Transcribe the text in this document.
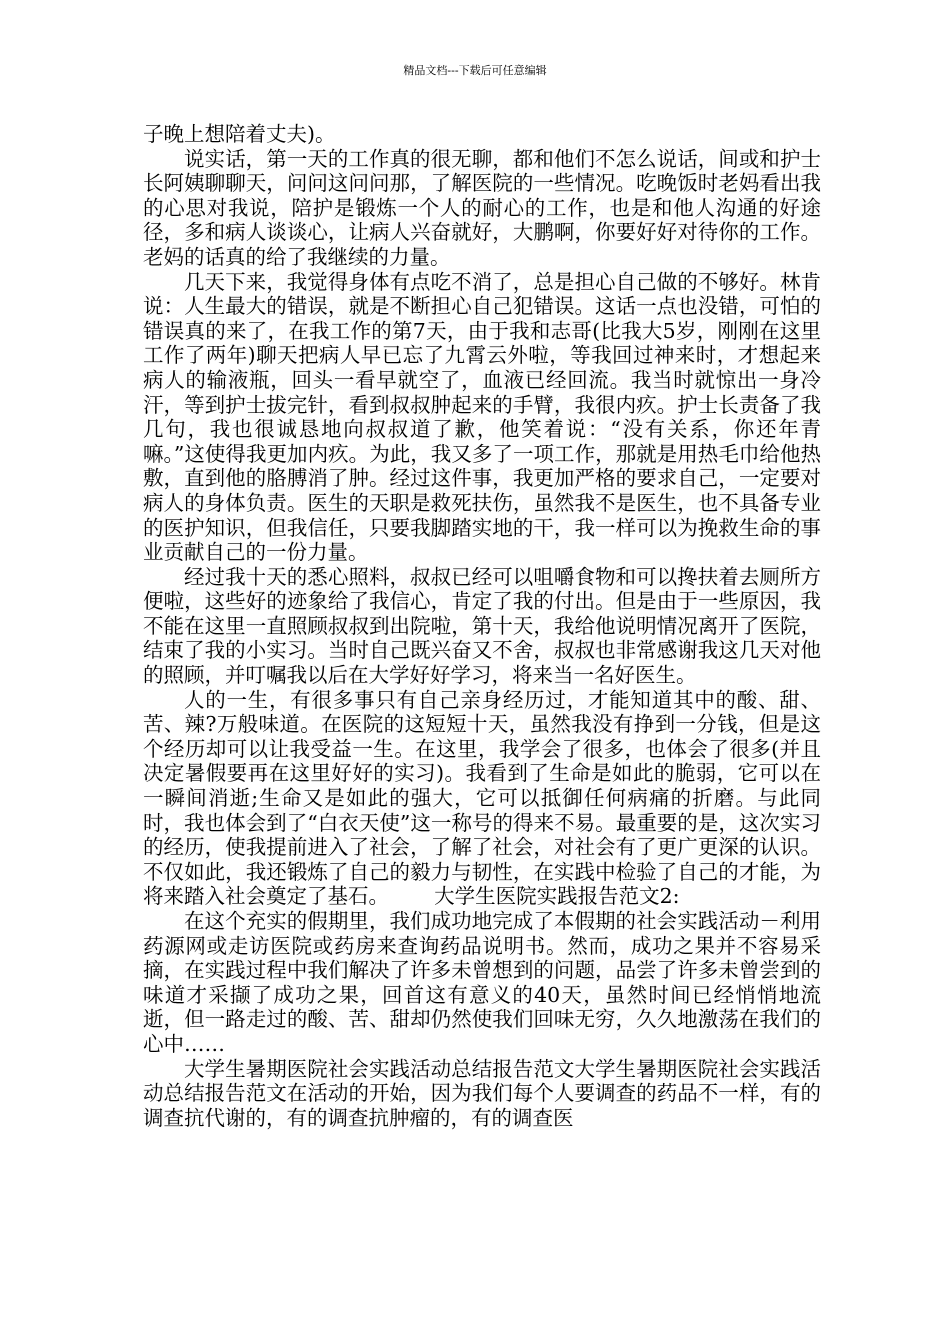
精品文档---下载后可任意编辑

子晚上想陪着丈夫)。

说实话，第一天的工作真的很无聊，都和他们不怎么说话，间或和护士长阿姨聊聊天，问问这问问那，了解医院的一些情况。吃晚饭时老妈看出我的心思对我说，陪护是锻炼一个人的耐心的工作，也是和他人沟通的好途径，多和病人谈谈心，让病人兴奋就好，大鹏啊，你要好好对待你的工作。老妈的话真的给了我继续的力量。

几天下来，我觉得身体有点吃不消了，总是担心自己做的不够好。林肯说：人生最大的错误，就是不断担心自己犯错误。这话一点也没错，可怕的错误真的来了，在我工作的第7天，由于我和志哥(比我大5岁，刚刚在这里工作了两年)聊天把病人早已忘了九霄云外啦，等我回过神来时，才想起来病人的输液瓶，回头一看早就空了，血液已经回流。我当时就惊出一身冷汗，等到护士拔完针，看到叔叔肿起来的手臂，我很内疚。护士长责备了我几句，我也很诚恳地向叔叔道了歉，他笑着说：“没有关系，你还年青嘛。”这使得我更加内疚。为此，我又多了一项工作，那就是用热毛巾给他热敷，直到他的胳膊消了肿。经过这件事，我更加严格的要求自己，一定要对病人的身体负责。医生的天职是救死扶伤，虽然我不是医生，也不具备专业的医护知识，但我信任，只要我脚踏实地的干，我一样可以为挽救生命的事业贡献自己的一份力量。

经过我十天的悉心照料，叔叔已经可以咀嚼食物和可以搀扶着去厕所方便啦，这些好的迹象给了我信心，肯定了我的付出。但是由于一些原因，我不能在这里一直照顾叔叔到出院啦，第十天，我给他说明情况离开了医院，结束了我的小实习。当时自己既兴奋又不舍，叔叔也非常感谢我这几天对他的照顾，并叮嘱我以后在大学好好学习，将来当一名好医生。

人的一生，有很多事只有自己亲身经历过，才能知道其中的酸、甜、苦、辣?万般味道。在医院的这短短十天，虽然我没有挣到一分钱，但是这个经历却可以让我受益一生。在这里，我学会了很多，也体会了很多(并且决定暑假要再在这里好好的实习)。我看到了生命是如此的脆弱，它可以在一瞬间消逝;生命又是如此的强大，它可以抵御任何病痛的折磨。与此同时，我也体会到了“白衣天使”这一称号的得来不易。最重要的是，这次实习的经历，使我提前进入了社会，了解了社会，对社会有了更广更深的认识。不仅如此，我还锻炼了自己的毅力与韧性，在实践中检验了自己的才能，为将来踏入社会奠定了基石。 大学生医院实践报告范文2:

在这个充实的假期里，我们成功地完成了本假期的社会实践活动－利用药源网或走访医院或药房来查询药品说明书。然而，成功之果并不容易采摘，在实践过程中我们解决了许多未曾想到的问题，品尝了许多未曾尝到的味道才采撷了成功之果，回首这有意义的40天，虽然时间已经悄悄地流逝，但一路走过的酸、苦、甜却仍然使我们回味无穷，久久地激荡在我们的心中……

大学生暑期医院社会实践活动总结报告范文大学生暑期医院社会实践活动总结报告范文在活动的开始，因为我们每个人要调查的药品不一样，有的调查抗代谢的，有的调查抗肿瘤的，有的调查医
